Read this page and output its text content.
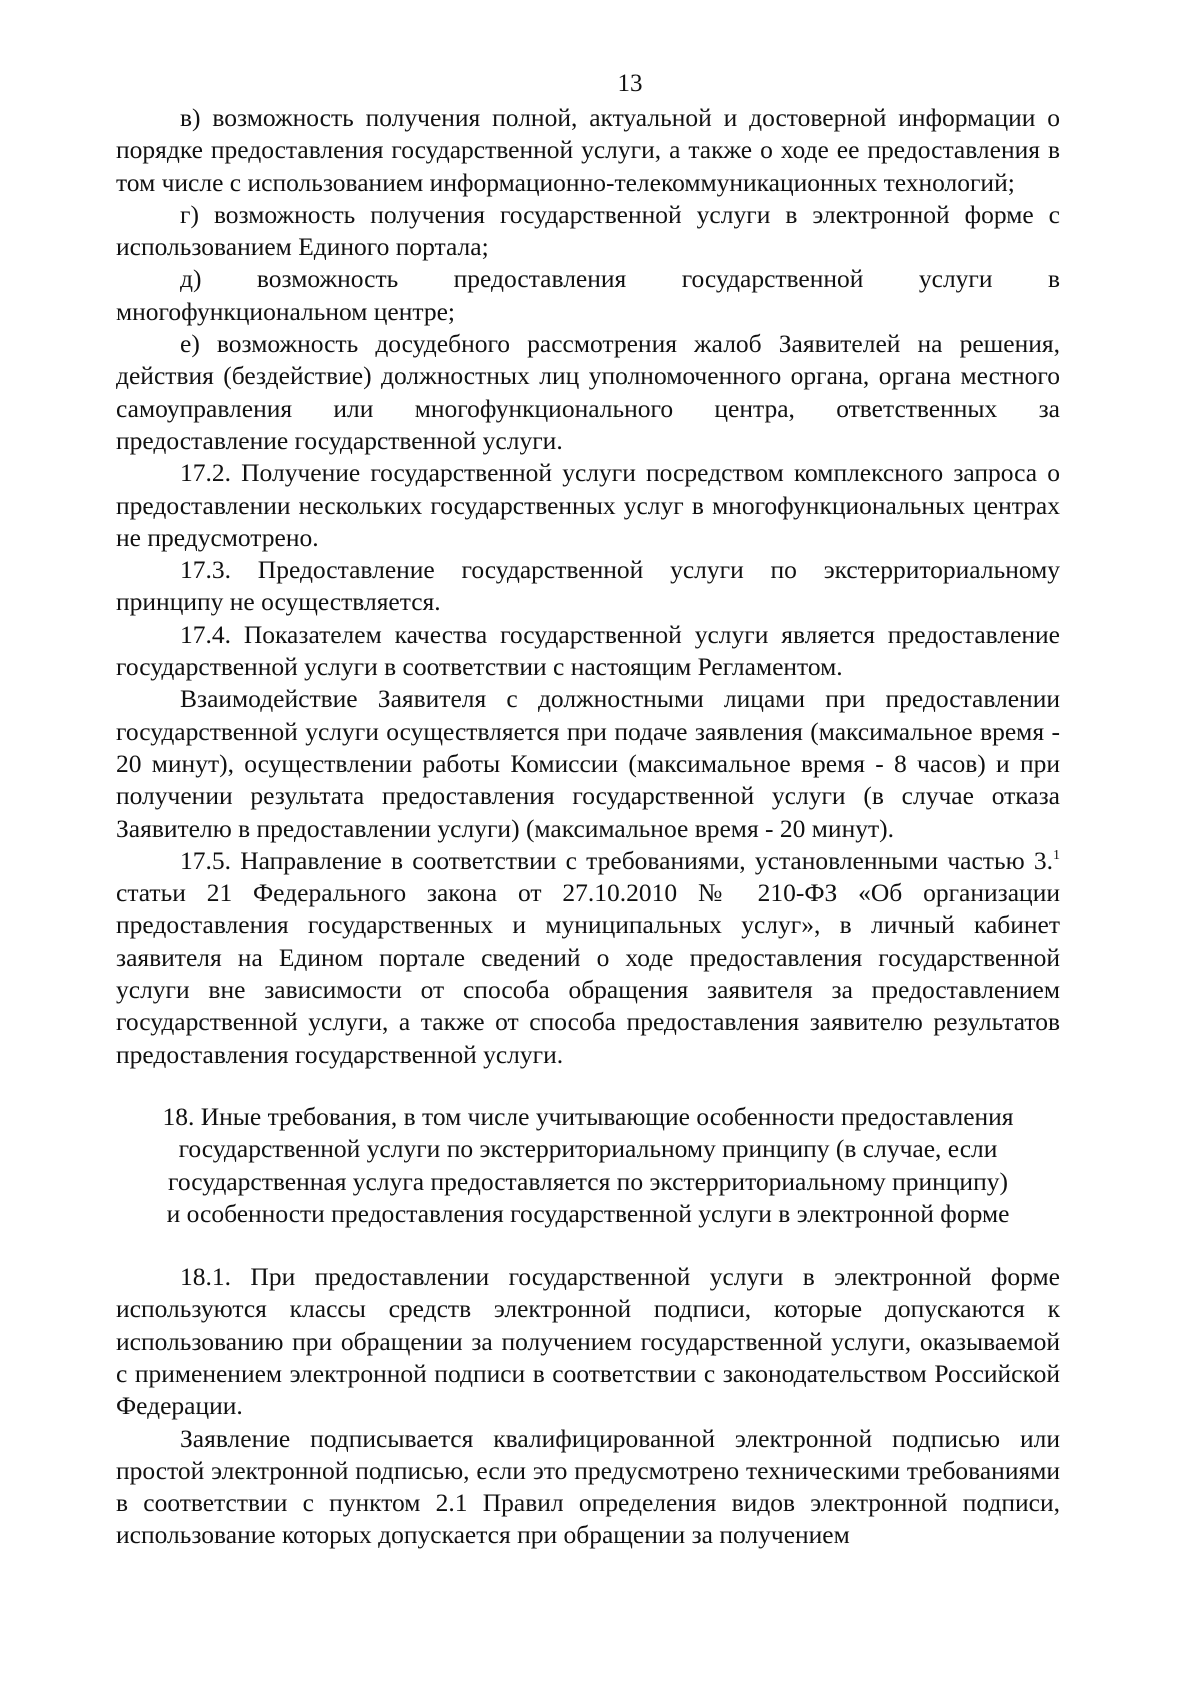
13

в) возможность получения полной, актуальной и достоверной информации о порядке предоставления государственной услуги, а также о ходе ее предоставления в том числе с использованием информационно-телекоммуникационных технологий;

г) возможность получения государственной услуги в электронной форме с использованием Единого портала;

д) возможность предоставления государственной услуги в многофункциональном центре;

е) возможность досудебного рассмотрения жалоб Заявителей на решения, действия (бездействие) должностных лиц уполномоченного органа, органа местного самоуправления или многофункционального центра, ответственных за предоставление государственной услуги.

17.2. Получение государственной услуги посредством комплексного запроса о предоставлении нескольких государственных услуг в многофункциональных центрах не предусмотрено.

17.3. Предоставление государственной услуги по экстерриториальному принципу не осуществляется.

17.4. Показателем качества государственной услуги является предоставление государственной услуги в соответствии с настоящим Регламентом.

Взаимодействие Заявителя с должностными лицами при предоставлении государственной услуги осуществляется при подаче заявления (максимальное время - 20 минут), осуществлении работы Комиссии (максимальное время - 8 часов) и при получении результата предоставления государственной услуги (в случае отказа Заявителю в предоставлении услуги) (максимальное время - 20 минут).

17.5. Направление в соответствии с требованиями, установленными частью 3.$^1$ статьи 21 Федерального закона от 27.10.2010 № 210-ФЗ «Об организации предоставления государственных и муниципальных услуг», в личный кабинет заявителя на Едином портале сведений о ходе предоставления государственной услуги вне зависимости от способа обращения заявителя за предоставлением государственной услуги, а также от способа предоставления заявителю результатов предоставления государственной услуги.

18. Иные требования, в том числе учитывающие особенности предоставления
государственной услуги по экстерриториальному принципу (в случае, если
государственная услуга предоставляется по экстерриториальному принципу)
и особенности предоставления государственной услуги в электронной форме

18.1. При предоставлении государственной услуги в электронной форме используются классы средств электронной подписи, которые допускаются к использованию при обращении за получением государственной услуги, оказываемой с применением электронной подписи в соответствии с законодательством Российской Федерации.

Заявление подписывается квалифицированной электронной подписью или простой электронной подписью, если это предусмотрено техническими требованиями в соответствии с пунктом 2.1 Правил определения видов электронной подписи, использование которых допускается при обращении за получением
